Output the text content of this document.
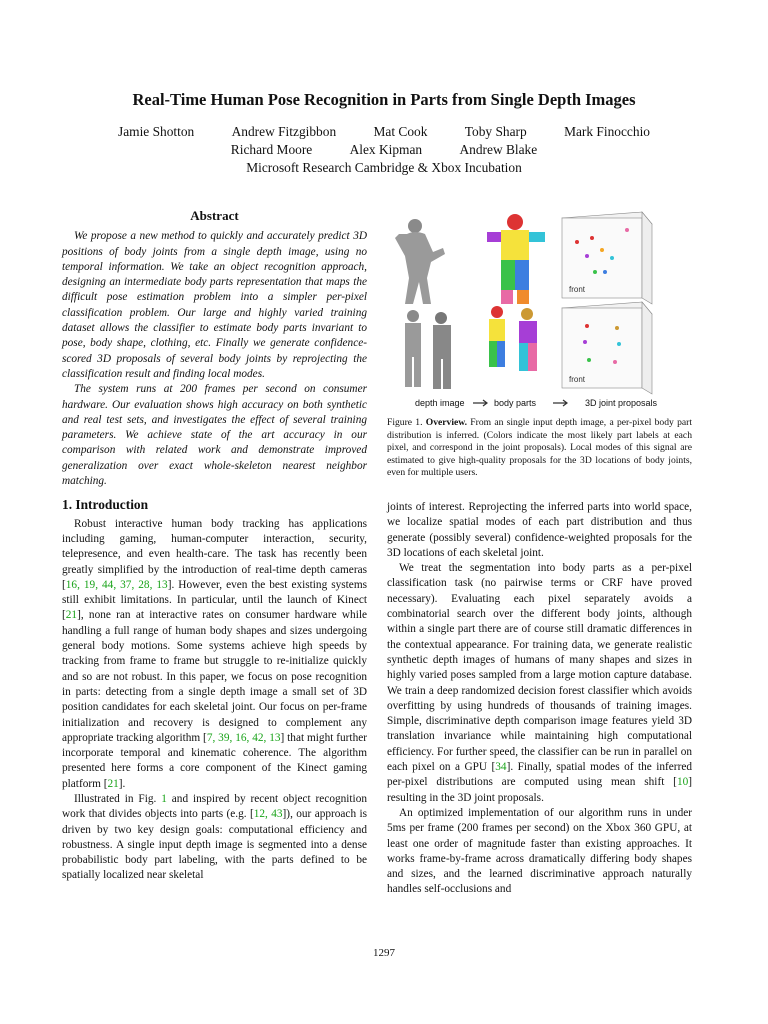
Real-Time Human Pose Recognition in Parts from Single Depth Images
Jamie Shotton	Andrew Fitzgibbon	Mat Cook	Toby Sharp	Mark Finocchio
Richard Moore	Alex Kipman	Andrew Blake
Microsoft Research Cambridge & Xbox Incubation
Abstract

We propose a new method to quickly and accurately predict 3D positions of body joints from a single depth image, using no temporal information. We take an object recognition approach, designing an intermediate body parts representation that maps the difficult pose estimation problem into a simpler per-pixel classification problem. Our large and highly varied training dataset allows the classifier to estimate body parts invariant to pose, body shape, clothing, etc. Finally we generate confidence-scored 3D proposals of several body joints by reprojecting the classification result and finding local modes.

The system runs at 200 frames per second on consumer hardware. Our evaluation shows high accuracy on both synthetic and real test sets, and investigates the effect of several training parameters. We achieve state of the art accuracy in our comparison with related work and demonstrate improved generalization over exact whole-skeleton nearest neighbor matching.

1. Introduction

Robust interactive human body tracking has applications including gaming, human-computer interaction, security, telepresence, and even health-care. The task has recently been greatly simplified by the introduction of real-time depth cameras [16, 19, 44, 37, 28, 13]. However, even the best existing systems still exhibit limitations. In particular, until the launch of Kinect [21], none ran at interactive rates on consumer hardware while handling a full range of human body shapes and sizes undergoing general body motions. Some systems achieve high speeds by tracking from frame to frame but struggle to re-initialize quickly and so are not robust. In this paper, we focus on pose recognition in parts: detecting from a single depth image a small set of 3D position candidates for each skeletal joint. Our focus on per-frame initialization and recovery is designed to complement any appropriate tracking algorithm [7, 39, 16, 42, 13] that might further incorporate temporal and kinematic coherence. The algorithm presented here forms a core component of the Kinect gaming platform [21].

Illustrated in Fig. 1 and inspired by recent object recognition work that divides objects into parts (e.g. [12, 43]), our approach is driven by two key design goals: computational efficiency and robustness. A single input depth image is segmented into a dense probabilistic body part labeling, with the parts defined to be spatially localized near skeletal

front
front
depth image	body parts	3D joint proposals
Figure 1. Overview. From an single input depth image, a per-pixel body part distribution is inferred. (Colors indicate the most likely part labels at each pixel, and correspond in the joint proposals). Local modes of this signal are estimated to give high-quality proposals for the 3D locations of body joints, even for multiple users.

joints of interest. Reprojecting the inferred parts into world space, we localize spatial modes of each part distribution and thus generate (possibly several) confidence-weighted proposals for the 3D locations of each skeletal joint.

We treat the segmentation into body parts as a per-pixel classification task (no pairwise terms or CRF have proved necessary). Evaluating each pixel separately avoids a combinatorial search over the different body joints, although within a single part there are of course still dramatic differences in the contextual appearance. For training data, we generate realistic synthetic depth images of humans of many shapes and sizes in highly varied poses sampled from a large motion capture database. We train a deep randomized decision forest classifier which avoids overfitting by using hundreds of thousands of training images. Simple, discriminative depth comparison image features yield 3D translation invariance while maintaining high computational efficiency. For further speed, the classifier can be run in parallel on each pixel on a GPU [34]. Finally, spatial modes of the inferred per-pixel distributions are computed using mean shift [10] resulting in the 3D joint proposals.

An optimized implementation of our algorithm runs in under 5ms per frame (200 frames per second) on the Xbox 360 GPU, at least one order of magnitude faster than existing approaches. It works frame-by-frame across dramatically differing body shapes and sizes, and the learned discriminative approach naturally handles self-occlusions and

1297
